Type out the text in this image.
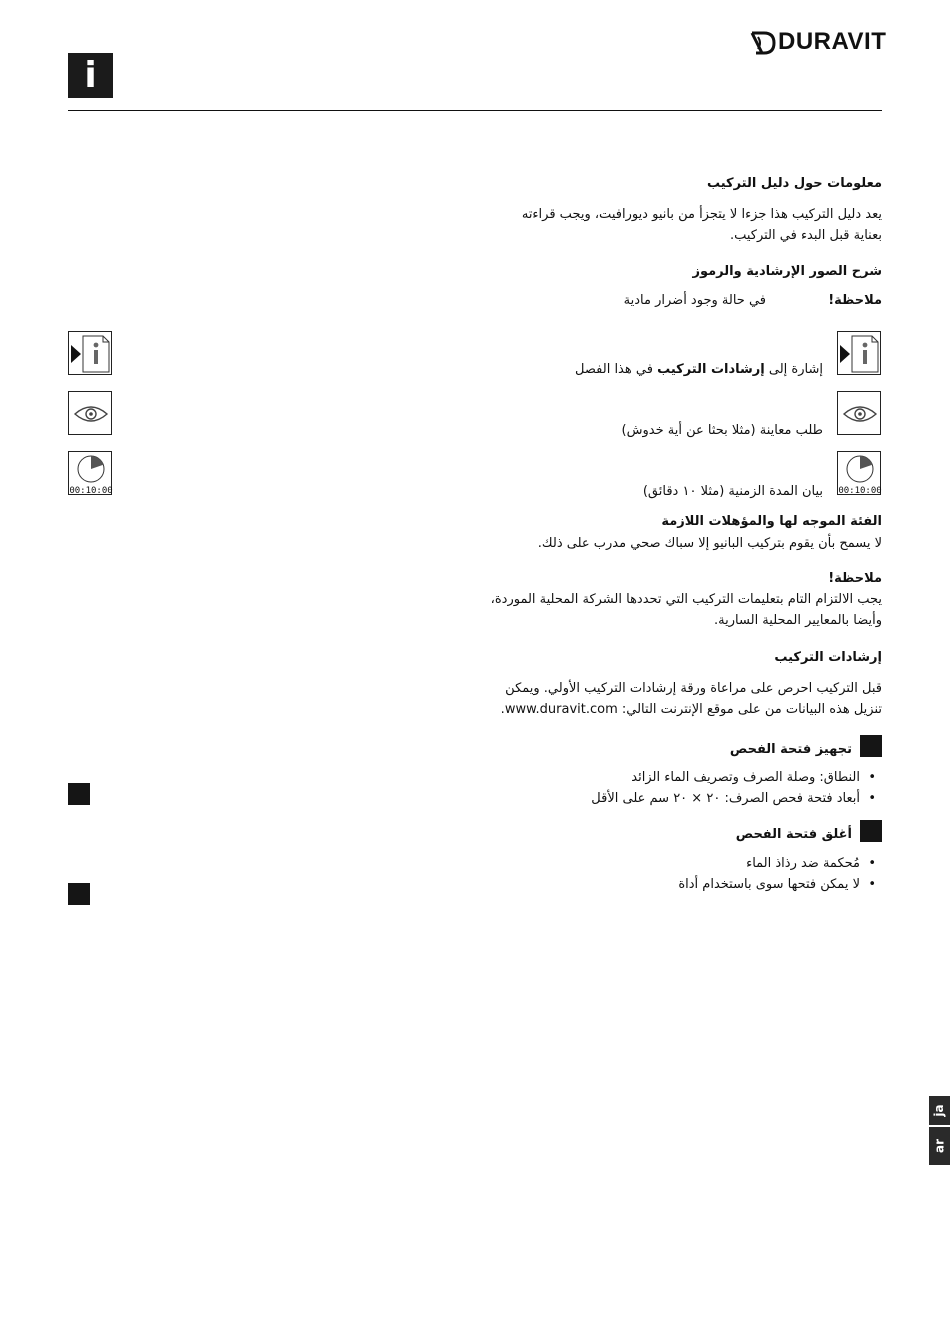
i
DURAVIT
معلومات حول دليل التركيب
يعد دليل التركيب هذا جزءا لا يتجزأ من بانيو ديورافيت، ويجب قراءته
بعناية قبل البدء في التركيب.
شرح الصور الإرشادية والرموز
ملاحظة!
في حالة وجود أضرار مادية
إشارة إلى إرشادات التركيب في هذا الفصل
طلب معاينة (مثلا بحثا عن أية خدوش)
00:10:00
بيان المدة الزمنية (مثلا ١٠ دقائق)
00:10:00
الفئة الموجه لها والمؤهلات اللازمة
لا يسمح بأن يقوم بتركيب البانيو إلا سباك صحي مدرب على ذلك.
ملاحظة!
يجب الالتزام التام بتعليمات التركيب التي تحددها الشركة المحلية الموردة،
وأيضا بالمعايير المحلية السارية.
إرشادات التركيب
قبل التركيب احرص على مراعاة ورقة إرشادات التركيب الأولي. ويمكن
تنزيل هذه البيانات من على موقع الإنترنت التالي: www.duravit.com.
تجهيز فتحة الفحص
• النطاق: وصلة الصرف وتصريف الماء الزائد
• أبعاد فتحة فحص الصرف: ٢٠ × ٢٠ سم على الأقل
أغلق فتحة الفحص
• مُحكمة ضد رذاذ الماء
• لا يمكن فتحها سوى باستخدام أداة
ja
ar
